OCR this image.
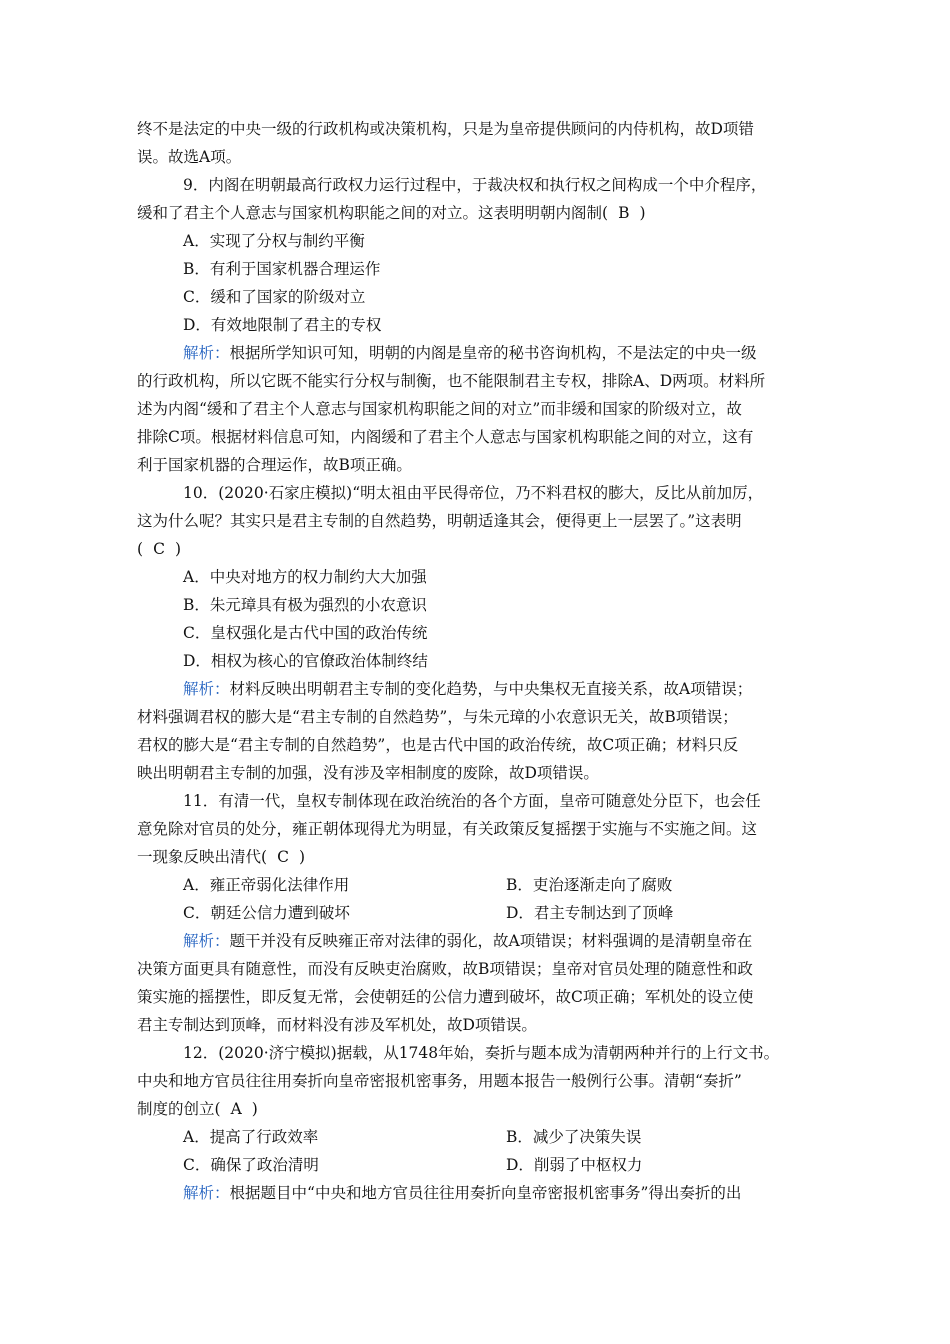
终不是法定的中央一级的行政机构或决策机构，只是为皇帝提供顾问的内侍机构，故D项错
误。故选A项。
9．内阁在明朝最高行政权力运行过程中，于裁决权和执行权之间构成一个中介程序，
缓和了君主个人意志与国家机构职能之间的对立。这表明明朝内阁制( B )
A．实现了分权与制约平衡
B．有利于国家机器合理运作
C．缓和了国家的阶级对立
D．有效地限制了君主的专权
解析：根据所学知识可知，明朝的内阁是皇帝的秘书咨询机构，不是法定的中央一级
的行政机构，所以它既不能实行分权与制衡，也不能限制君主专权，排除A、D两项。材料所
述为内阁“缓和了君主个人意志与国家机构职能之间的对立”而非缓和国家的阶级对立，故
排除C项。根据材料信息可知，内阁缓和了君主个人意志与国家机构职能之间的对立，这有
利于国家机器的合理运作，故B项正确。
10．(2020·石家庄模拟)“明太祖由平民得帝位，乃不料君权的膨大，反比从前加厉，
这为什么呢？其实只是君主专制的自然趋势，明朝适逢其会，便得更上一层罢了。”这表明
( C )
A．中央对地方的权力制约大大加强
B．朱元璋具有极为强烈的小农意识
C．皇权强化是古代中国的政治传统
D．相权为核心的官僚政治体制终结
解析：材料反映出明朝君主专制的变化趋势，与中央集权无直接关系，故A项错误；
材料强调君权的膨大是“君主专制的自然趋势”，与朱元璋的小农意识无关，故B项错误；
君权的膨大是“君主专制的自然趋势”，也是古代中国的政治传统，故C项正确；材料只反
映出明朝君主专制的加强，没有涉及宰相制度的废除，故D项错误。
11．有清一代，皇权专制体现在政治统治的各个方面，皇帝可随意处分臣下，也会任
意免除对官员的处分，雍正朝体现得尤为明显，有关政策反复摇摆于实施与不实施之间。这
一现象反映出清代( C )
A．雍正帝弱化法律作用	B．吏治逐渐走向了腐败
C．朝廷公信力遭到破坏	D．君主专制达到了顶峰
解析：题干并没有反映雍正帝对法律的弱化，故A项错误；材料强调的是清朝皇帝在
决策方面更具有随意性，而没有反映吏治腐败，故B项错误；皇帝对官员处理的随意性和政
策实施的摇摆性，即反复无常，会使朝廷的公信力遭到破坏，故C项正确；军机处的设立使
君主专制达到顶峰，而材料没有涉及军机处，故D项错误。
12．(2020·济宁模拟)据载，从1748年始，奏折与题本成为清朝两种并行的上行文书。
中央和地方官员往往用奏折向皇帝密报机密事务，用题本报告一般例行公事。清朝“奏折”
制度的创立( A )
A．提高了行政效率	B．减少了决策失误
C．确保了政治清明	D．削弱了中枢权力
解析：根据题目中“中央和地方官员往往用奏折向皇帝密报机密事务”得出奏折的出
